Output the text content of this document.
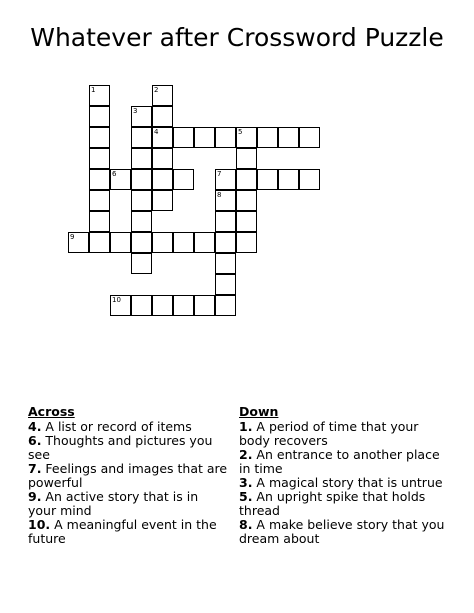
Whatever after Crossword Puzzle
1	2
4
3
5
6	7
8
9
10
Across

4. A list or record of items

6. Thoughts and pictures you see

7. Feelings and images that are powerful

9. An active story that is in your mind

10. A meaningful event in the future

Down

1. A period of time that your body recovers

2. An entrance to another place in time

3. A magical story that is untrue

5. An upright spike that holds thread

8. A make believe story that you dream about
